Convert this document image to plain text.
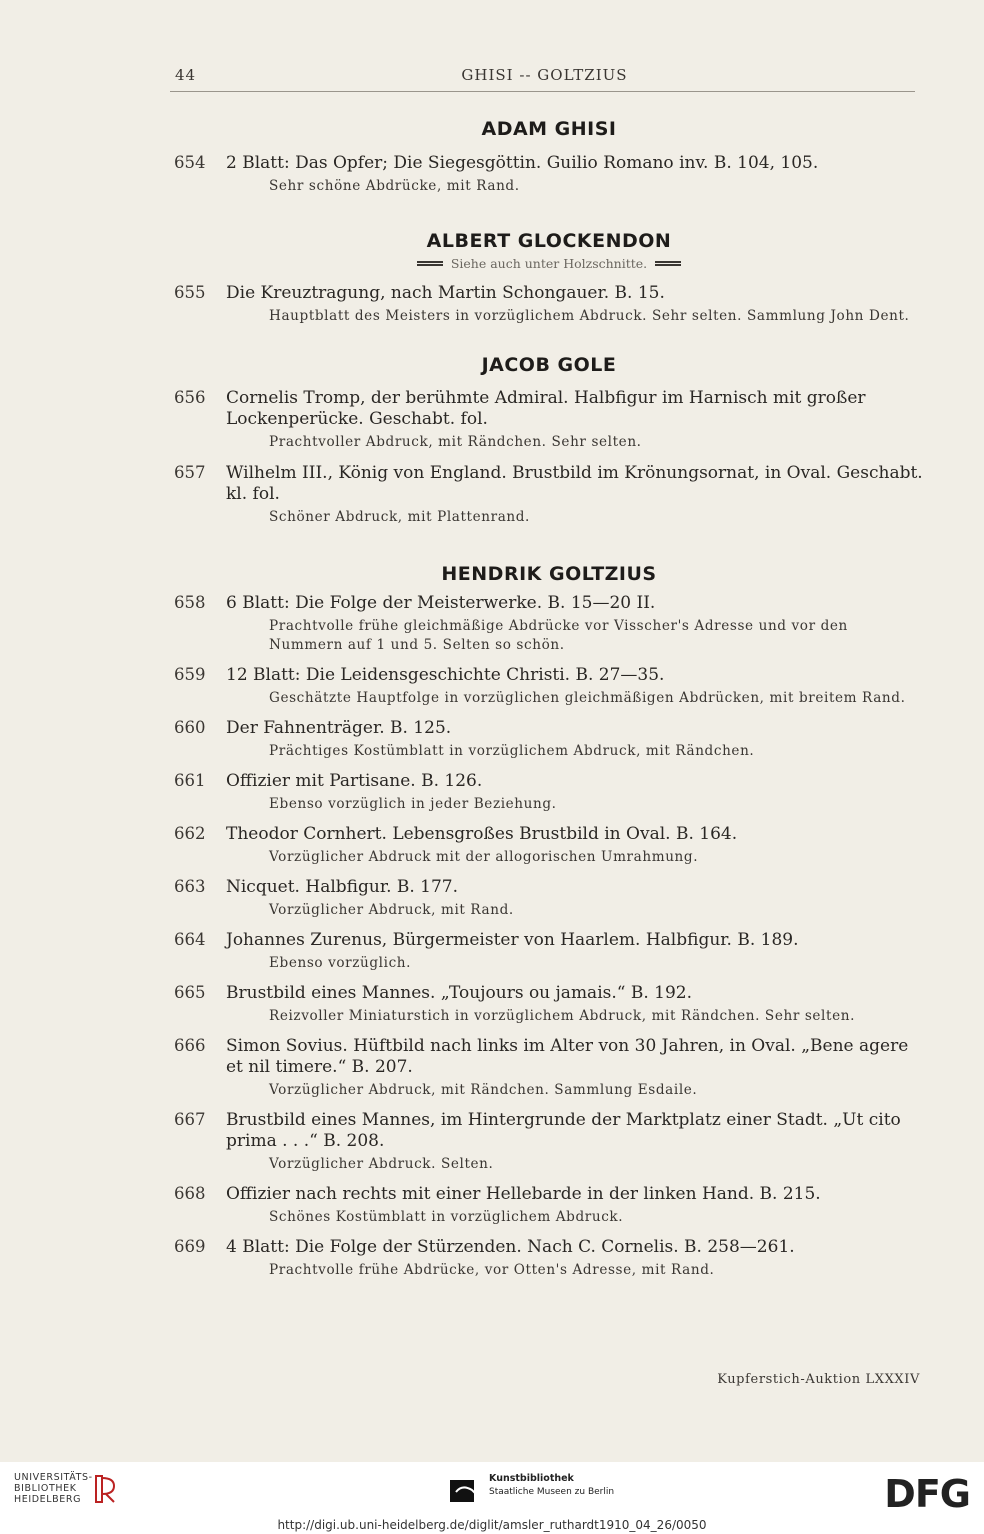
44	GHISI -- GOLTZIUS
ADAM GHISI
654 2 Blatt: Das Opfer; Die Siegesgöttin. Guilio Romano inv. B. 104, 105.
Sehr schöne Abdrücke, mit Rand.
ALBERT GLOCKENDON
Siehe auch unter Holzschnitte.
655 Die Kreuztragung, nach Martin Schongauer. B. 15.
Hauptblatt des Meisters in vorzüglichem Abdruck. Sehr selten. Sammlung John Dent.
JACOB GOLE
656 Cornelis Tromp, der berühmte Admiral. Halbfigur im Harnisch mit großer Lockenperücke. Geschabt. fol.
Prachtvoller Abdruck, mit Rändchen. Sehr selten.
657 Wilhelm III., König von England. Brustbild im Krönungsornat, in Oval. Geschabt. kl. fol.
Schöner Abdruck, mit Plattenrand.
HENDRIK GOLTZIUS
658 6 Blatt: Die Folge der Meisterwerke. B. 15—20 II.
Prachtvolle frühe gleichmäßige Abdrücke vor Visscher's Adresse und vor den Nummern auf 1 und 5. Selten so schön.
659 12 Blatt: Die Leidensgeschichte Christi. B. 27—35.
Geschätzte Hauptfolge in vorzüglichen gleichmäßigen Abdrücken, mit breitem Rand.
660 Der Fahnenträger. B. 125.
Prächtiges Kostümblatt in vorzüglichem Abdruck, mit Rändchen.
661 Offizier mit Partisane. B. 126.
Ebenso vorzüglich in jeder Beziehung.
662 Theodor Cornhert. Lebensgroßes Brustbild in Oval. B. 164.
Vorzüglicher Abdruck mit der allogorischen Umrahmung.
663 Nicquet. Halbfigur. B. 177.
Vorzüglicher Abdruck, mit Rand.
664 Johannes Zurenus, Bürgermeister von Haarlem. Halbfigur. B. 189.
Ebenso vorzüglich.
665 Brustbild eines Mannes. „Toujours ou jamais.“ B. 192.
Reizvoller Miniaturstich in vorzüglichem Abdruck, mit Rändchen. Sehr selten.
666 Simon Sovius. Hüftbild nach links im Alter von 30 Jahren, in Oval. „Bene agere et nil timere.“ B. 207.
Vorzüglicher Abdruck, mit Rändchen. Sammlung Esdaile.
667 Brustbild eines Mannes, im Hintergrunde der Marktplatz einer Stadt. „Ut cito prima . . .“ B. 208.
Vorzüglicher Abdruck. Selten.
668 Offizier nach rechts mit einer Hellebarde in der linken Hand. B. 215.
Schönes Kostümblatt in vorzüglichem Abdruck.
669 4 Blatt: Die Folge der Stürzenden. Nach C. Cornelis. B. 258—261.
Prachtvolle frühe Abdrücke, vor Otten's Adresse, mit Rand.
Kupferstich-Auktion LXXXIV
UNIVERSITÄTS-
BIBLIOTHEK
HEIDELBERG
Kunstbibliothek
Staatliche Museen zu Berlin	DFG
http://digi.ub.uni-heidelberg.de/diglit/amsler_ruthardt1910_04_26/0050
